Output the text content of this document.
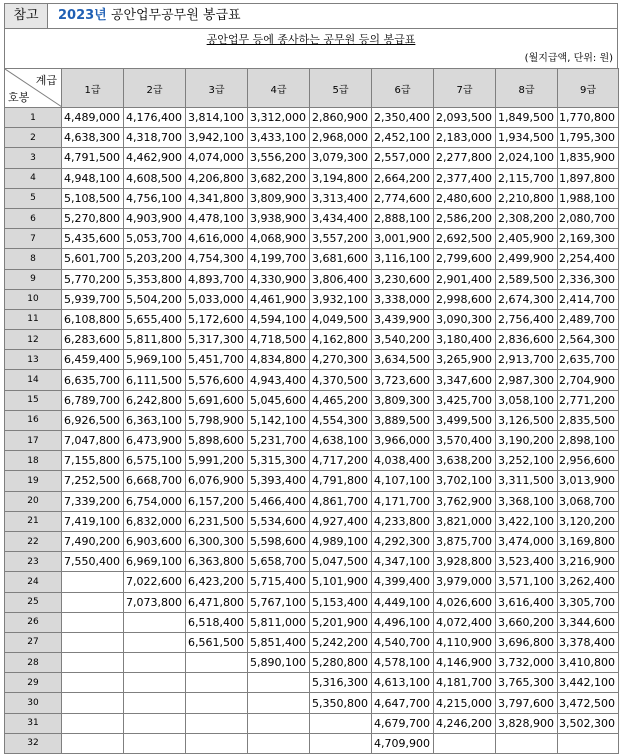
참고	2023년 공안업무공무원 봉급표
공안업무 등에 종사하는 공무원 등의 봉급표
(월지급액, 단위: 원)
계급
호봉	1급	2급	3급	4급	5급	6급	7급	8급	9급
1	4,489,000	4,176,400	3,814,100	3,312,000	2,860,900	2,350,400	2,093,500	1,849,500	1,770,800
2	4,638,300	4,318,700	3,942,100	3,433,100	2,968,000	2,452,100	2,183,000	1,934,500	1,795,300
3	4,791,500	4,462,900	4,074,000	3,556,200	3,079,300	2,557,000	2,277,800	2,024,100	1,835,900
4	4,948,100	4,608,500	4,206,800	3,682,200	3,194,800	2,664,200	2,377,400	2,115,700	1,897,800
5	5,108,500	4,756,100	4,341,800	3,809,900	3,313,400	2,774,600	2,480,600	2,210,800	1,988,100
6	5,270,800	4,903,900	4,478,100	3,938,900	3,434,400	2,888,100	2,586,200	2,308,200	2,080,700
7	5,435,600	5,053,700	4,616,000	4,068,900	3,557,200	3,001,900	2,692,500	2,405,900	2,169,300
8	5,601,700	5,203,200	4,754,300	4,199,700	3,681,600	3,116,100	2,799,600	2,499,900	2,254,400
9	5,770,200	5,353,800	4,893,700	4,330,900	3,806,400	3,230,600	2,901,400	2,589,500	2,336,300
10	5,939,700	5,504,200	5,033,000	4,461,900	3,932,100	3,338,000	2,998,600	2,674,300	2,414,700
11	6,108,800	5,655,400	5,172,600	4,594,100	4,049,500	3,439,900	3,090,300	2,756,400	2,489,700
12	6,283,600	5,811,800	5,317,300	4,718,500	4,162,800	3,540,200	3,180,400	2,836,600	2,564,300
13	6,459,400	5,969,100	5,451,700	4,834,800	4,270,300	3,634,500	3,265,900	2,913,700	2,635,700
14	6,635,700	6,111,500	5,576,600	4,943,400	4,370,500	3,723,600	3,347,600	2,987,300	2,704,900
15	6,789,700	6,242,800	5,691,600	5,045,600	4,465,200	3,809,300	3,425,700	3,058,100	2,771,200
16	6,926,500	6,363,100	5,798,900	5,142,100	4,554,300	3,889,500	3,499,500	3,126,500	2,835,500
17	7,047,800	6,473,900	5,898,600	5,231,700	4,638,100	3,966,000	3,570,400	3,190,200	2,898,100
18	7,155,800	6,575,100	5,991,200	5,315,300	4,717,200	4,038,400	3,638,200	3,252,100	2,956,600
19	7,252,500	6,668,700	6,076,900	5,393,400	4,791,800	4,107,100	3,702,100	3,311,500	3,013,900
20	7,339,200	6,754,000	6,157,200	5,466,400	4,861,700	4,171,700	3,762,900	3,368,100	3,068,700
21	7,419,100	6,832,000	6,231,500	5,534,600	4,927,400	4,233,800	3,821,000	3,422,100	3,120,200
22	7,490,200	6,903,600	6,300,300	5,598,600	4,989,100	4,292,300	3,875,700	3,474,000	3,169,800
23	7,550,400	6,969,100	6,363,800	5,658,700	5,047,500	4,347,100	3,928,800	3,523,400	3,216,900
24		7,022,600	6,423,200	5,715,400	5,101,900	4,399,400	3,979,000	3,571,100	3,262,400
25		7,073,800	6,471,800	5,767,100	5,153,400	4,449,100	4,026,600	3,616,400	3,305,700
26			6,518,400	5,811,000	5,201,900	4,496,100	4,072,400	3,660,200	3,344,600
27			6,561,500	5,851,400	5,242,200	4,540,700	4,110,900	3,696,800	3,378,400
28				5,890,100	5,280,800	4,578,100	4,146,900	3,732,000	3,410,800
29					5,316,300	4,613,100	4,181,700	3,765,300	3,442,100
30					5,350,800	4,647,700	4,215,000	3,797,600	3,472,500
31						4,679,700	4,246,200	3,828,900	3,502,300
32						4,709,900			
